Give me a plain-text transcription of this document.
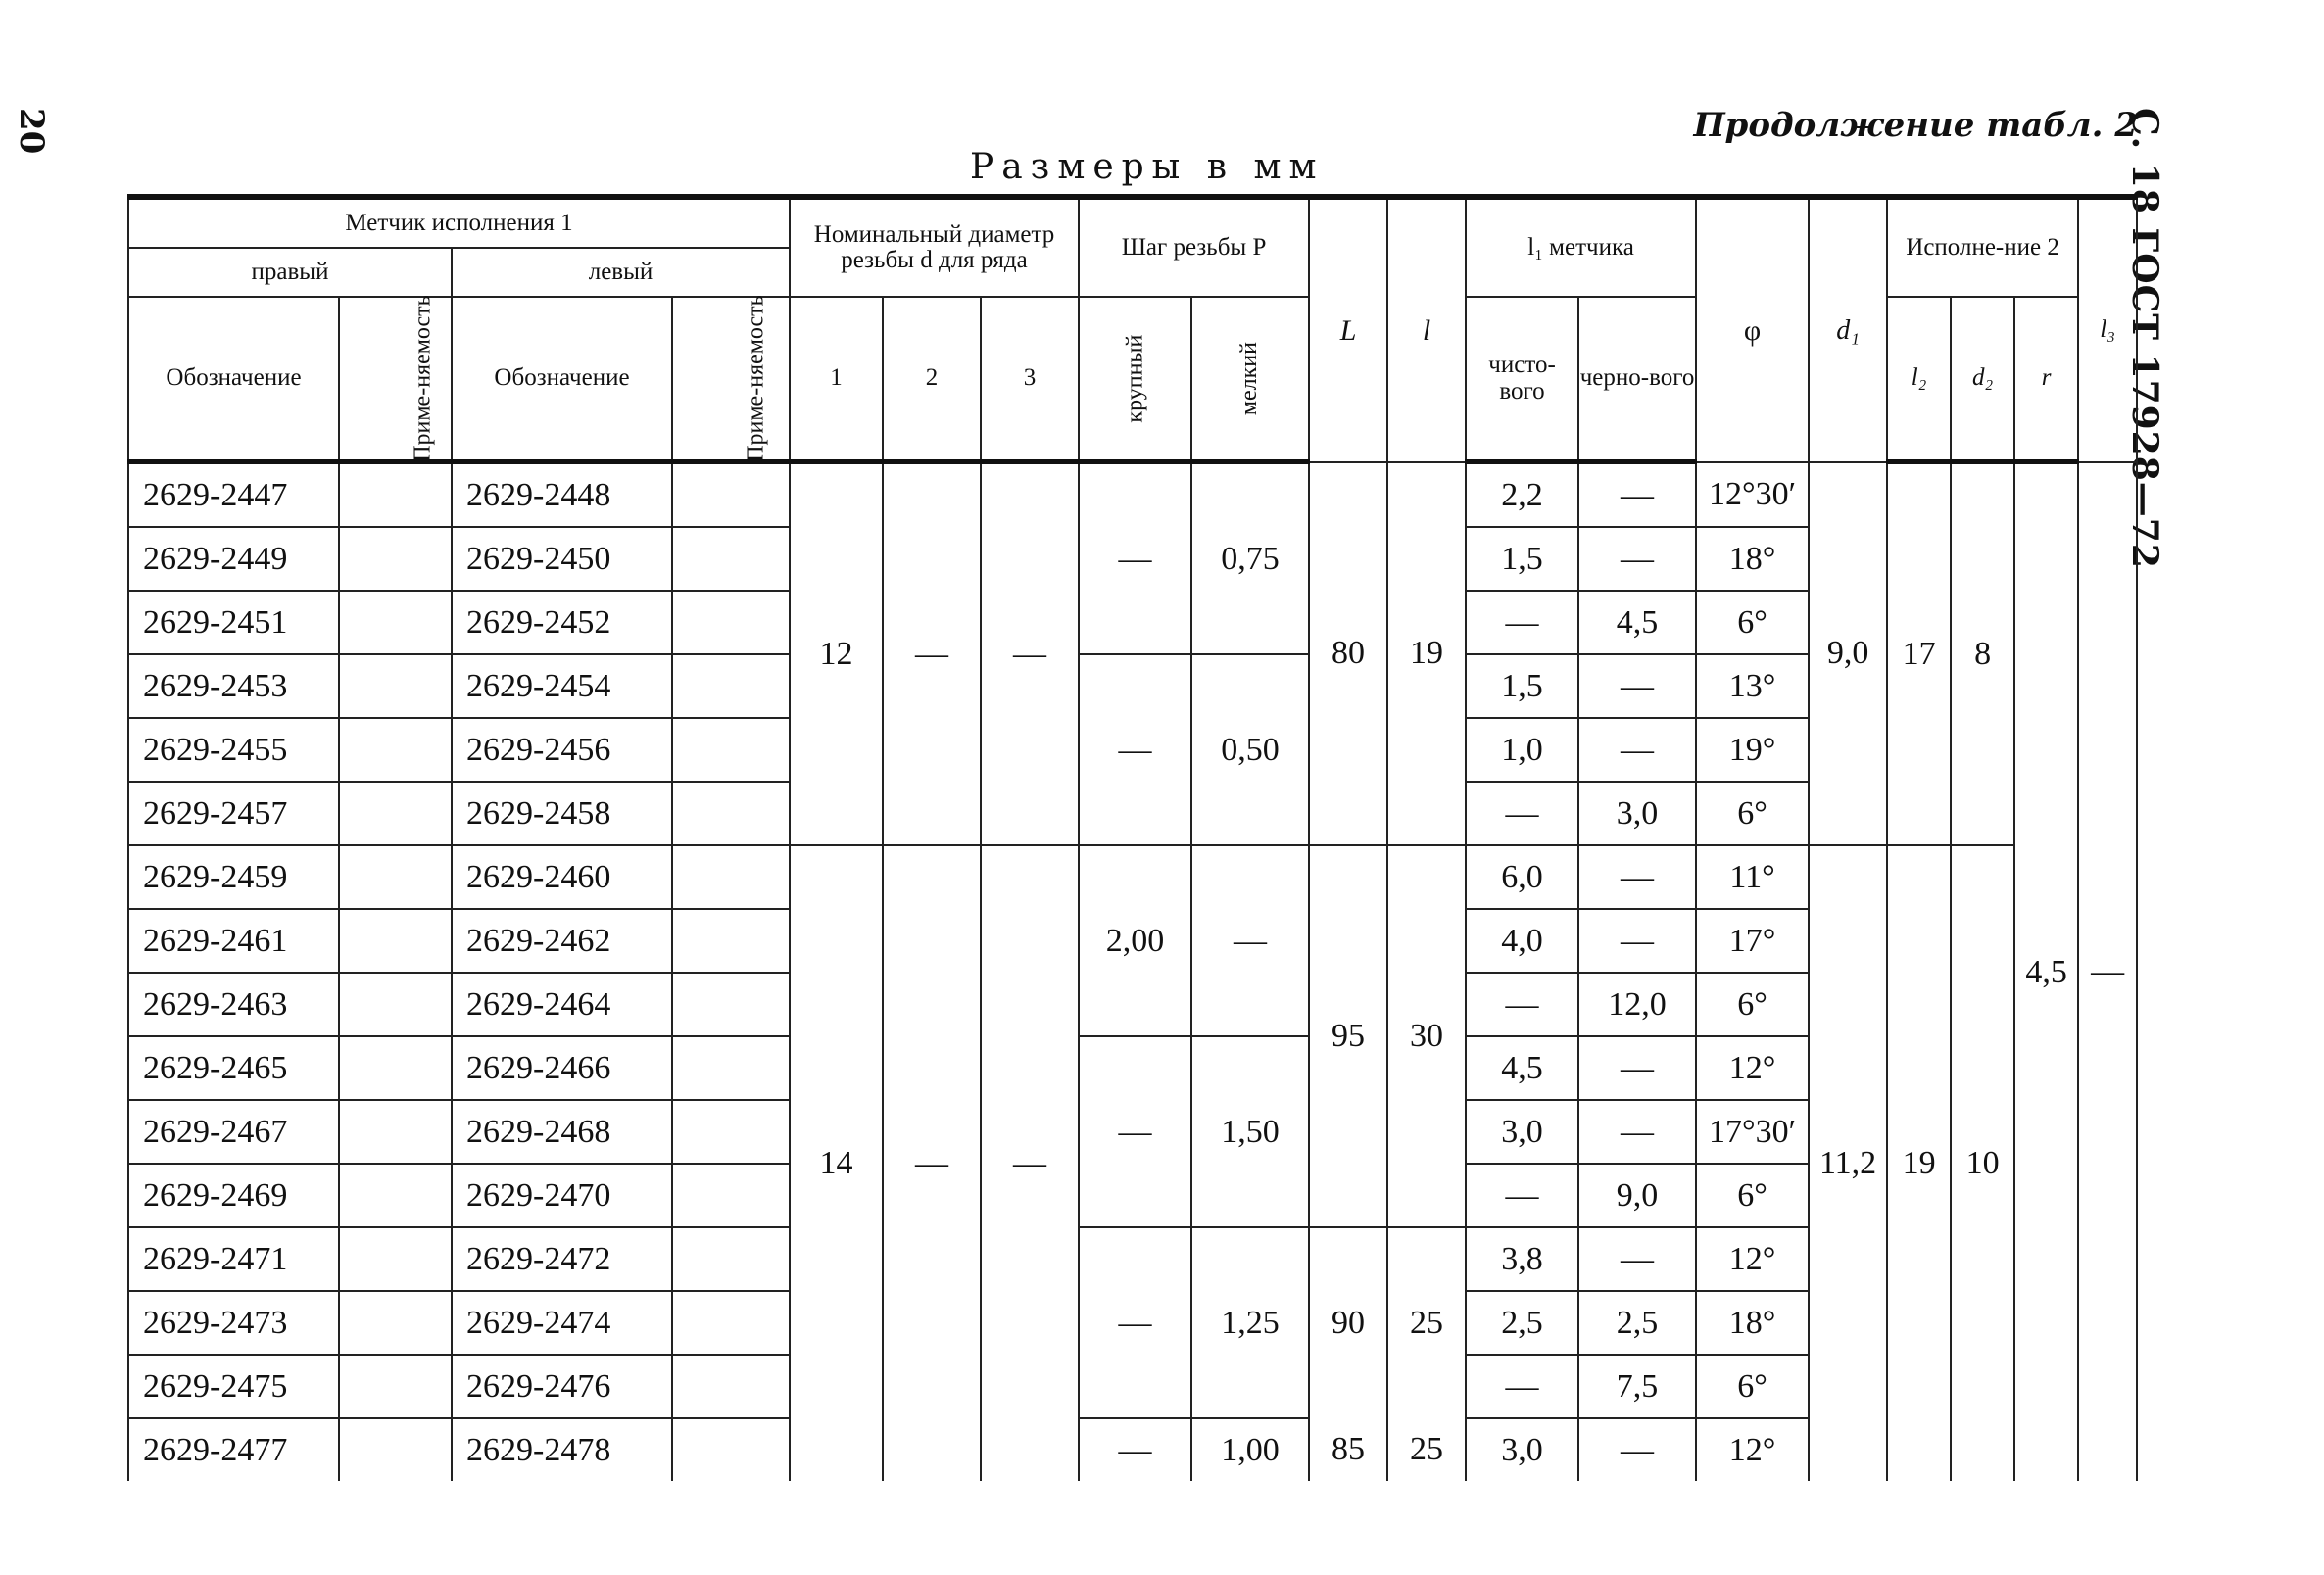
20	С. 18 ГОСТ 17928—72
Продолжение табл. 2
Размеры в мм
Метчик исполнения 1				Номинальный диаметр резьбы d для ряда			Шаг резьбы P		L	l	l₁ метчика		φ	d₁	Исполне-ние 2			l₃
правый		левый																
Обозначение	Приме-няемость	Обозначение	Приме-няемость	1	2	3	крупный	мелкий			чисто-вого	черно-вого			l₂	d₂	r	
2629-2447		2629-2448		12	—	—	—	0,75	80	19	2,2	—	12°30′	9,0	17	8	4,5	—
2629-2449		2629-2450									1,5	—	18°					
2629-2451		2629-2452									—	4,5	6°					
2629-2453		2629-2454					—	0,50			1,5	—	13°					
2629-2455		2629-2456									1,0	—	19°					
2629-2457		2629-2458									—	3,0	6°					
2629-2459		2629-2460		14	—	—	2,00	—	95	30	6,0	—	11°	11,2	19	10		
2629-2461		2629-2462									4,0	—	17°					
2629-2463		2629-2464									—	12,0	6°					
2629-2465		2629-2466					—	1,50			4,5	—	12°					
2629-2467		2629-2468									3,0	—	17°30′					
2629-2469		2629-2470									—	9,0	6°					
2629-2471		2629-2472					—	1,25	90	25	3,8	—	12°					
2629-2473		2629-2474									2,5	2,5	18°					
2629-2475		2629-2476									—	7,5	6°					
2629-2477		2629-2478					—	1,00	85	25	3,0	—	12°					
